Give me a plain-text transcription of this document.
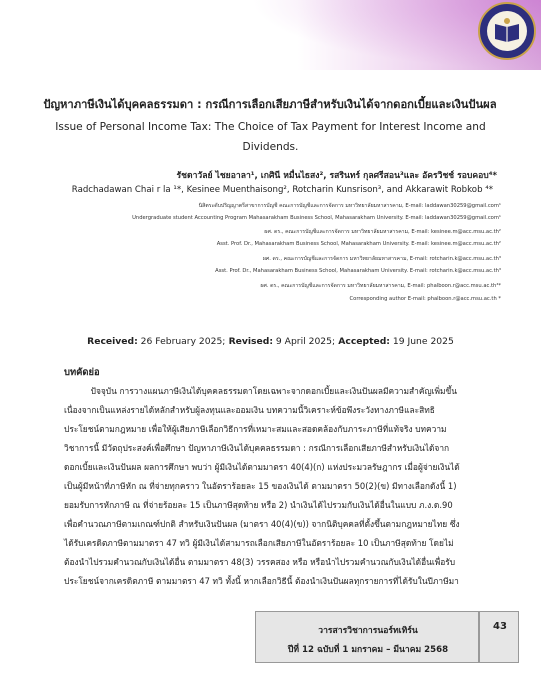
ปัญหาภาษีเงินได้บุคคลธรรมดา : กรณีการเลือกเสียภาษีสำหรับเงินได้จากดอกเบี้ยและเงินปันผล
Issue of Personal Income Tax: The Choice of Tax Payment for Interest Income and
Dividends.
รัชดาวัลย์ ไชยอาลา¹, เกศินี หมื่นไธสง², รสรินทร์ กุลศรีสอน³และ อัครวิชช์ รอบคอบ⁴*
Radchadawan Chai r la ¹*, Kesinee Muenthaisong², Rotcharin Kunsrison³, and Akkarawit Robkob ⁴*
นิสิตระดับปริญญาตรีสาขาการบัญชี คณะการบัญชีและการจัดการ มหาวิทยาลัยมหาสารคาม, E-mail: laddawan30259@gmail.com¹
Undergraduate student Accounting Program Mahasarakham Business School, Mahasarakham University. E-mail: laddawan30259@gmail.com¹
ผศ. ดร., คณะการบัญชีและการจัดการ มหาวิทยาลัยมหาสารคาม, E-mail: kesinee.m@acc.msu.ac.th²
Asst. Prof. Dr., Mahasarakham Business School, Mahasarakham University. E-mail: kesinee.m@acc.msu.ac.th²
ผศ. ดร., คณะการบัญชีและการจัดการ มหาวิทยาลัยมหาสารคาม, E-mail: rotcharin.k@acc.msu.ac.th³
Asst. Prof. Dr., Mahasarakham Business School, Mahasarakham University. E-mail: rotcharin.k@acc.msu.ac.th³
ผศ. ดร., คณะการบัญชีและการจัดการ มหาวิทยาลัยมหาสารคาม, E-mail: phalboon.r@acc.msu.ac.th⁴*
Corresponding author E-mail: phalboon.r@acc.msu.ac.th *
Received: 26 February 2025; Revised: 9 April 2025; Accepted: 19 June 2025
บทคัดย่อ
ปัจจุบัน การวางแผนภาษีเงินได้บุคคลธรรมดาโดยเฉพาะจากดอกเบี้ยและเงินปันผลมีความสำคัญเพิ่มขึ้น
เนื่องจากเป็นแหล่งรายได้หลักสำหรับผู้ลงทุนและออมเงิน บทความนี้วิเคราะห์ข้อพึงระวังทางภาษีและสิทธิ
ประโยชน์ตามกฎหมาย เพื่อให้ผู้เสียภาษีเลือกวิธีการที่เหมาะสมและสอดคล้องกับภาระภาษีที่แท้จริง บทความ
วิชาการนี้ มีวัตถุประสงค์เพื่อศึกษา ปัญหาภาษีเงินได้บุคคลธรรมดา : กรณีการเลือกเสียภาษีสำหรับเงินได้จาก
ดอกเบี้ยและเงินปันผล ผลการศึกษา พบว่า ผู้มีเงินได้ตามมาตรา 40(4)(ก) แห่งประมวลรัษฎากร เมื่อผู้จ่ายเงินได้
เป็นผู้มีหน้าที่ภาษีหัก ณ ที่จ่ายทุกคราว ในอัตราร้อยละ 15 ของเงินได้ ตามมาตรา 50(2)(ข) มีทางเลือกดังนี้ 1)
ยอมรับการหักภาษี ณ ที่จ่ายร้อยละ 15 เป็นภาษีสุดท้าย หรือ 2) นำเงินได้ไปรวมกับเงินได้อื่นในแบบ ภ.ง.ด.90
เพื่อคำนวณภาษีตามเกณฑ์ปกติ สำหรับเงินปันผล (มาตรา 40(4)(ข)) จากนิติบุคคลที่ตั้งขึ้นตามกฎหมายไทย ซึ่ง
ได้รับเครดิตภาษีตามมาตรา 47 ทวิ ผู้มีเงินได้สามารถเลือกเสียภาษีในอัตราร้อยละ 10 เป็นภาษีสุดท้าย โดยไม่
ต้องนำไปรวมคำนวณกับเงินได้อื่น ตามมาตรา 48(3) วรรคสอง หรือ หรือนำไปรวมคำนวณกับเงินได้อื่นเพื่อรับ
ประโยชน์จากเครดิตภาษี ตามมาตรา 47 ทวิ ทั้งนี้ หากเลือกวิธีนี้ ต้องนำเงินปันผลทุกรายการที่ได้รับในปีภาษีมา
วารสารวิชาการนอร์ทเทิร์น
ปีที่ 12 ฉบับที่ 1 มกราคม – มีนาคม 2568
43
